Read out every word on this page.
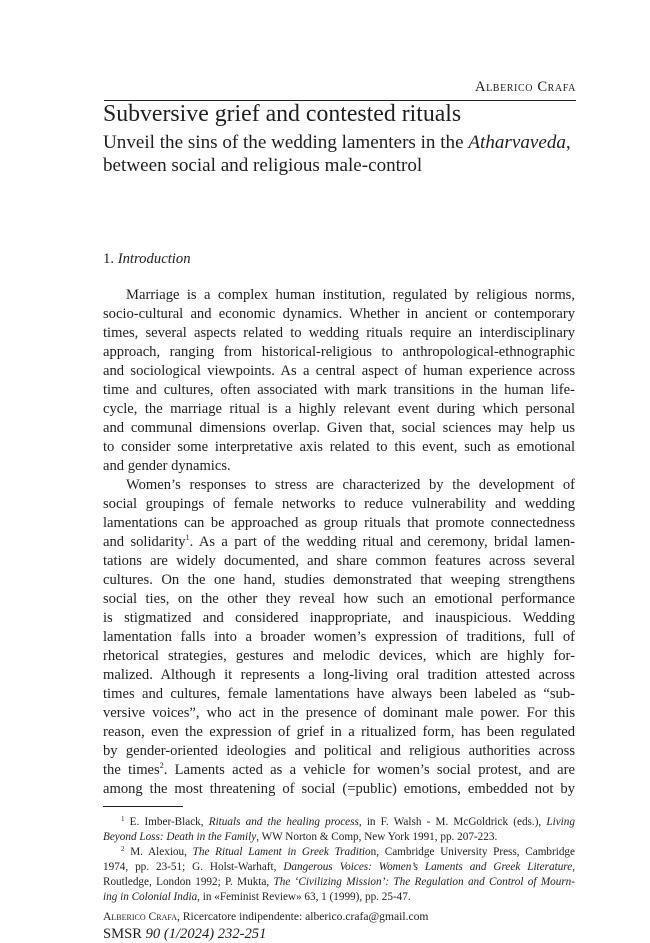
Alberico Crafa
Subversive grief and contested rituals
Unveil the sins of the wedding lamenters in the Atharvaveda,
between social and religious male-control
1. Introduction
Marriage is a complex human institution, regulated by religious norms,
socio-cultural and economic dynamics. Whether in ancient or contemporary
times, several aspects related to wedding rituals require an interdisciplinary
approach, ranging from historical-religious to anthropological-ethnographic
and sociological viewpoints. As a central aspect of human experience across
time and cultures, often associated with mark transitions in the human life-
cycle, the marriage ritual is a highly relevant event during which personal
and communal dimensions overlap. Given that, social sciences may help us
to consider some interpretative axis related to this event, such as emotional
and gender dynamics.
Women’s responses to stress are characterized by the development of
social groupings of female networks to reduce vulnerability and wedding
lamentations can be approached as group rituals that promote connectedness
and solidarity$^1$. As a part of the wedding ritual and ceremony, bridal lamen-
tations are widely documented, and share common features across several
cultures. On the one hand, studies demonstrated that weeping strengthens
social ties, on the other they reveal how such an emotional performance
is stigmatized and considered inappropriate, and inauspicious. Wedding
lamentation falls into a broader women’s expression of traditions, full of
rhetorical strategies, gestures and melodic devices, which are highly for-
malized. Although it represents a long-living oral tradition attested across
times and cultures, female lamentations have always been labeled as “sub-
versive voices”, who act in the presence of dominant male power. For this
reason, even the expression of grief in a ritualized form, has been regulated
by gender-oriented ideologies and political and religious authorities across
the times$^2$. Laments acted as a vehicle for women’s social protest, and are
among the most threatening of social (=public) emotions, embedded not by
$^1$ E. Imber-Black, Rituals and the healing process, in F. Walsh - M. McGoldrick (eds.), Living
Beyond Loss: Death in the Family, WW Norton & Comp, New York 1991, pp. 207-223.
$^2$ M. Alexiou, The Ritual Lament in Greek Tradition, Cambridge University Press, Cambridge
1974, pp. 23-51; G. Holst-Warhaft, Dangerous Voices: Women’s Laments and Greek Literature,
Routledge, London 1992; P. Mukta, The ‘Civilizing Mission’: The Regulation and Control of Mourn-
ing in Colonial India, in «Feminist Review» 63, 1 (1999), pp. 25-47.
Alberico Crafa, Ricercatore indipendente: alberico.crafa@gmail.com
SMSR 90 (1/2024) 232-251
